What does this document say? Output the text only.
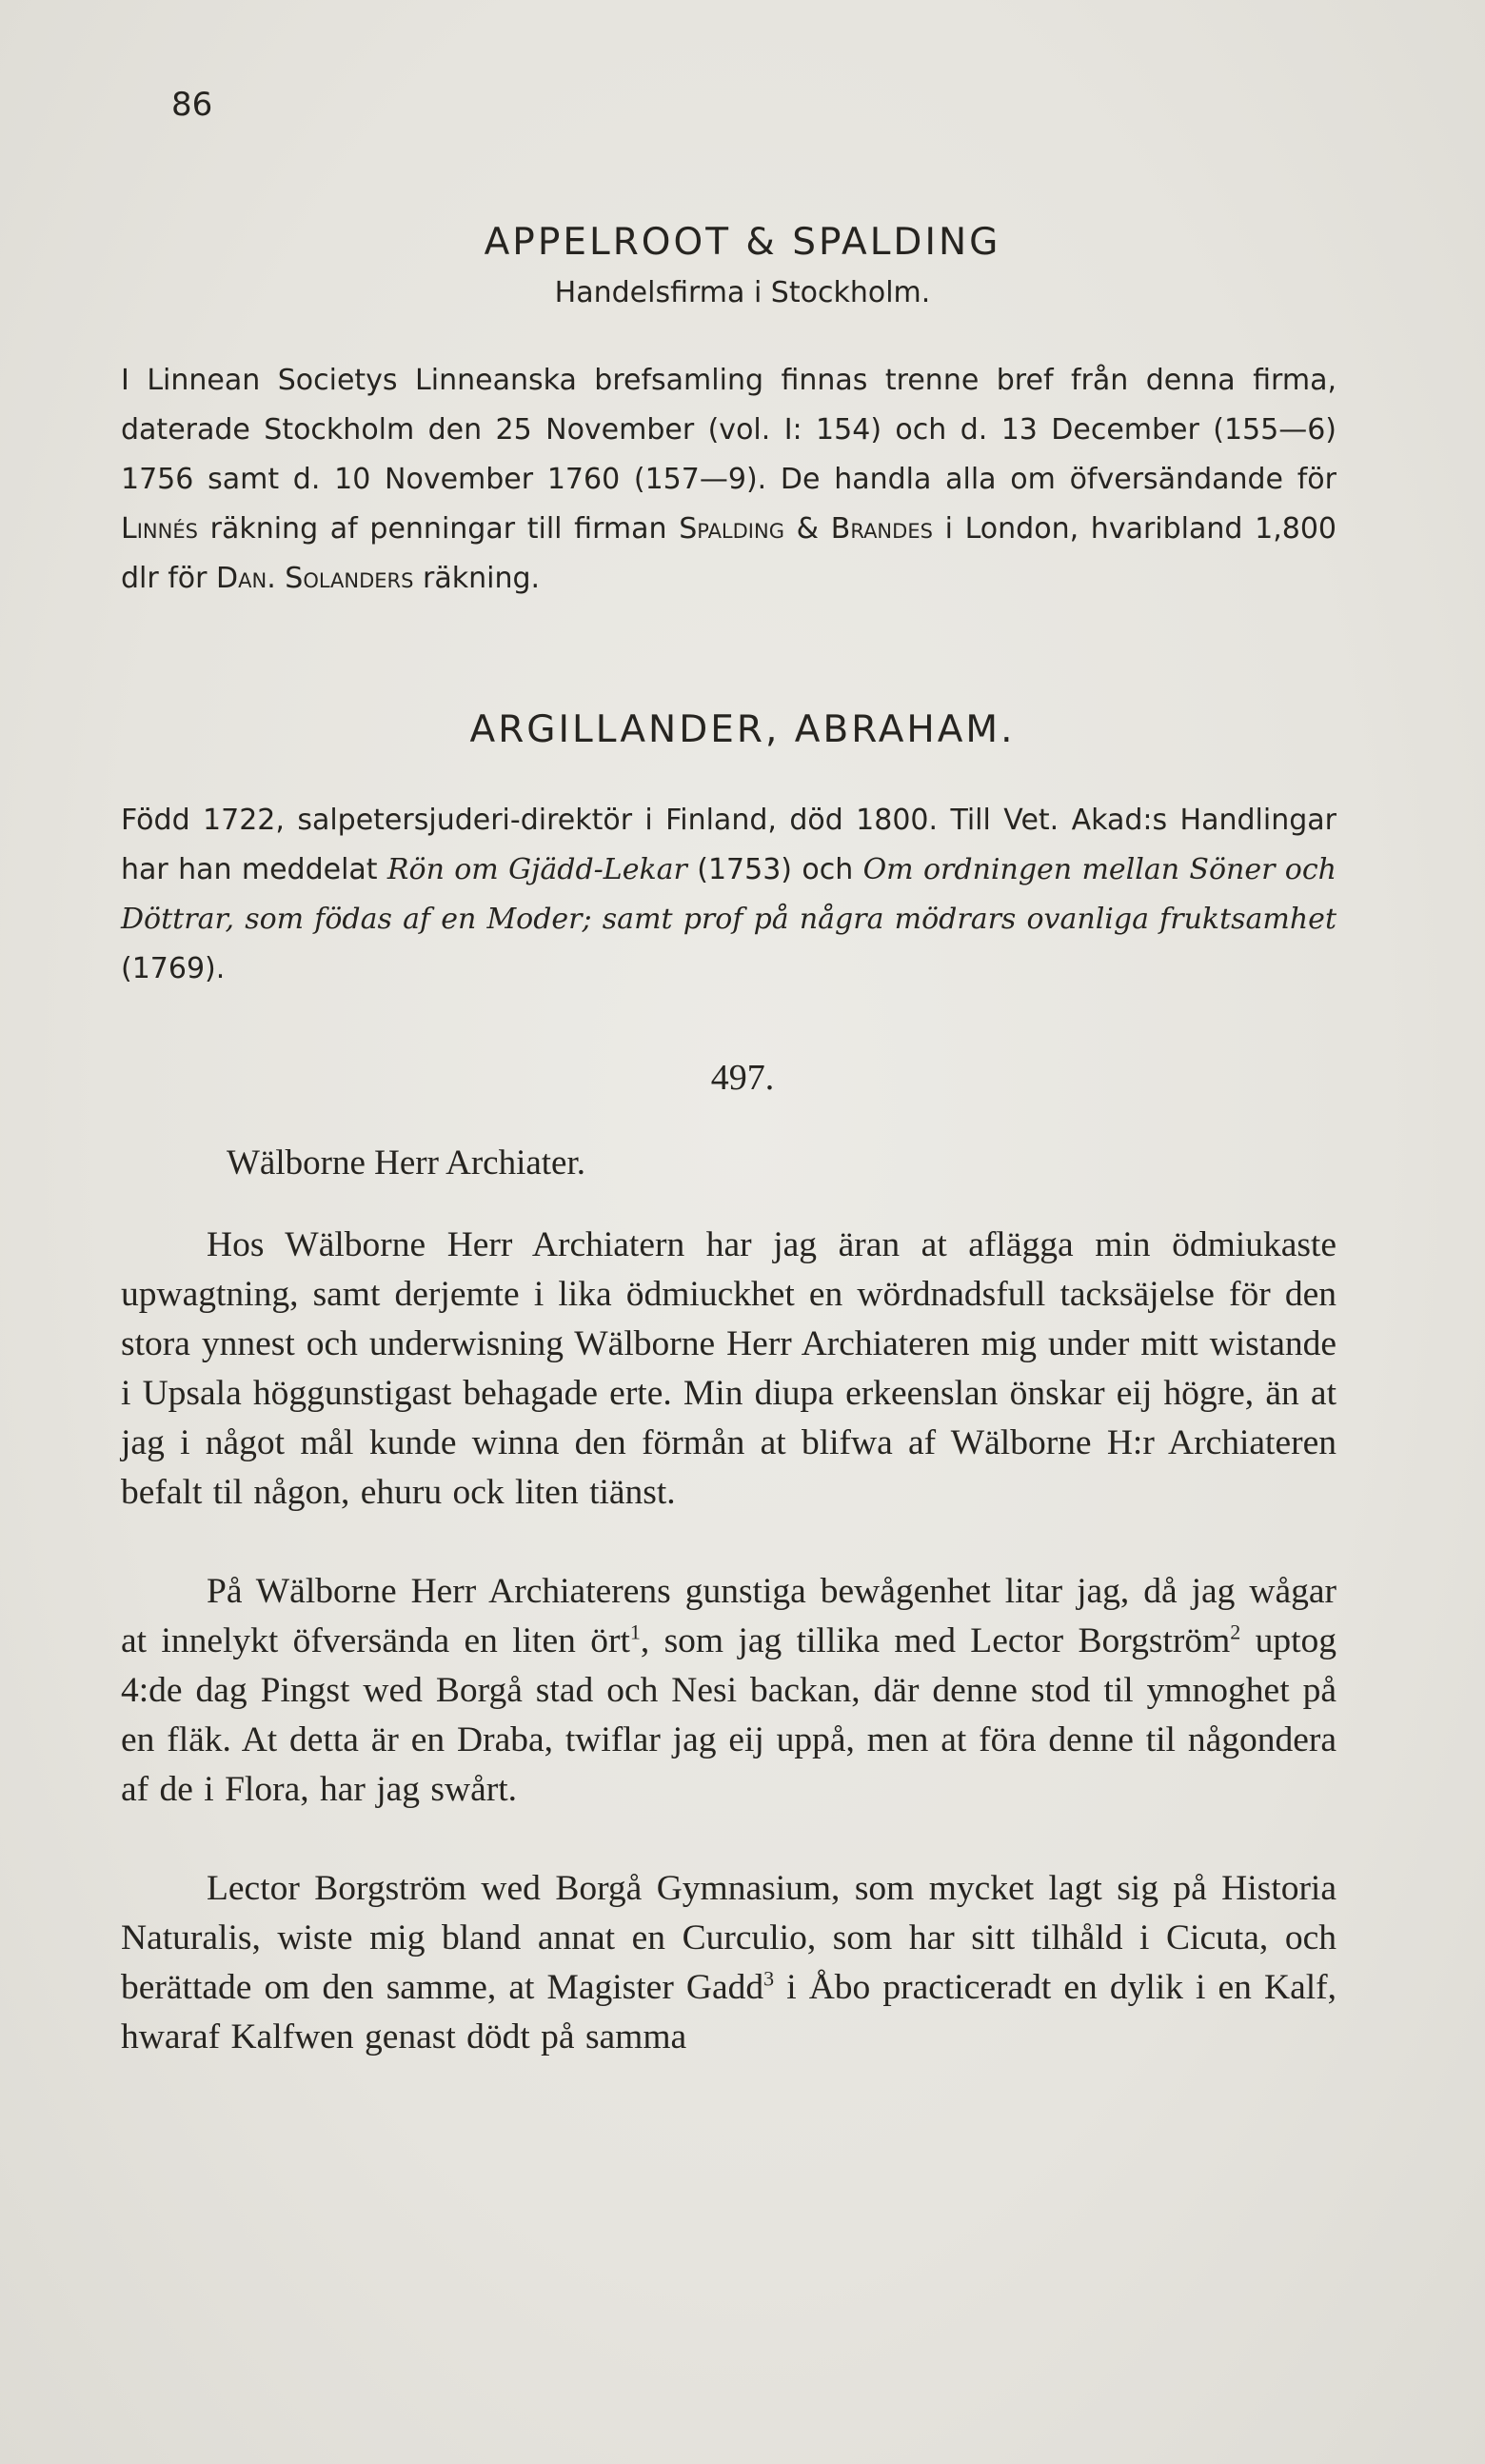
86
APPELROOT & SPALDING
Handelsfirma i Stockholm.
I Linnean Societys Linneanska brefsamling finnas trenne bref från denna firma, daterade Stockholm den 25 November (vol. I: 154) och d. 13 December (155—6) 1756 samt d. 10 November 1760 (157—9). De handla alla om öfversändande för Linnés räkning af penningar till firman Spalding & Brandes i London, hvaribland 1,800 dlr för Dan. Solanders räkning.
ARGILLANDER, ABRAHAM.
Född 1722, salpetersjuderi-direktör i Finland, död 1800. Till Vet. Akad:s Handlingar har han meddelat Rön om Gjädd-Lekar (1753) och Om ordningen mellan Söner och Döttrar, som födas af en Moder; samt prof på några mödrars ovanliga fruktsamhet (1769).
497.
Wälborne Herr Archiater.
Hos Wälborne Herr Archiatern har jag äran at aflägga min ödmiukaste upwagtning, samt derjemte i lika ödmiuckhet en wördnadsfull tacksäjelse för den stora ynnest och underwisning Wälborne Herr Archiateren mig under mitt wistande i Upsala höggunstigast behagade erte. Min diupa erkeenslan önskar eij högre, än at jag i något mål kunde winna den förmån at blifwa af Wälborne H:r Archiateren befalt til någon, ehuru ock liten tiänst.
På Wälborne Herr Archiaterens gunstiga bewågenhet litar jag, då jag wågar at innelykt öfversända en liten ört$^1$, som jag tillika med Lector Borgström$^2$ uptog 4:de dag Pingst wed Borgå stad och Nesi backan, där denne stod til ymnoghet på en fläk. At detta är en Draba, twiflar jag eij uppå, men at föra denne til någondera af de i Flora, har jag swårt.
Lector Borgström wed Borgå Gymnasium, som mycket lagt sig på Historia Naturalis, wiste mig bland annat en Curculio, som har sitt tilhåld i Cicuta, och berättade om den samme, at Magister Gadd$^3$ i Åbo practiceradt en dylik i en Kalf, hwaraf Kalfwen genast dödt på samma
